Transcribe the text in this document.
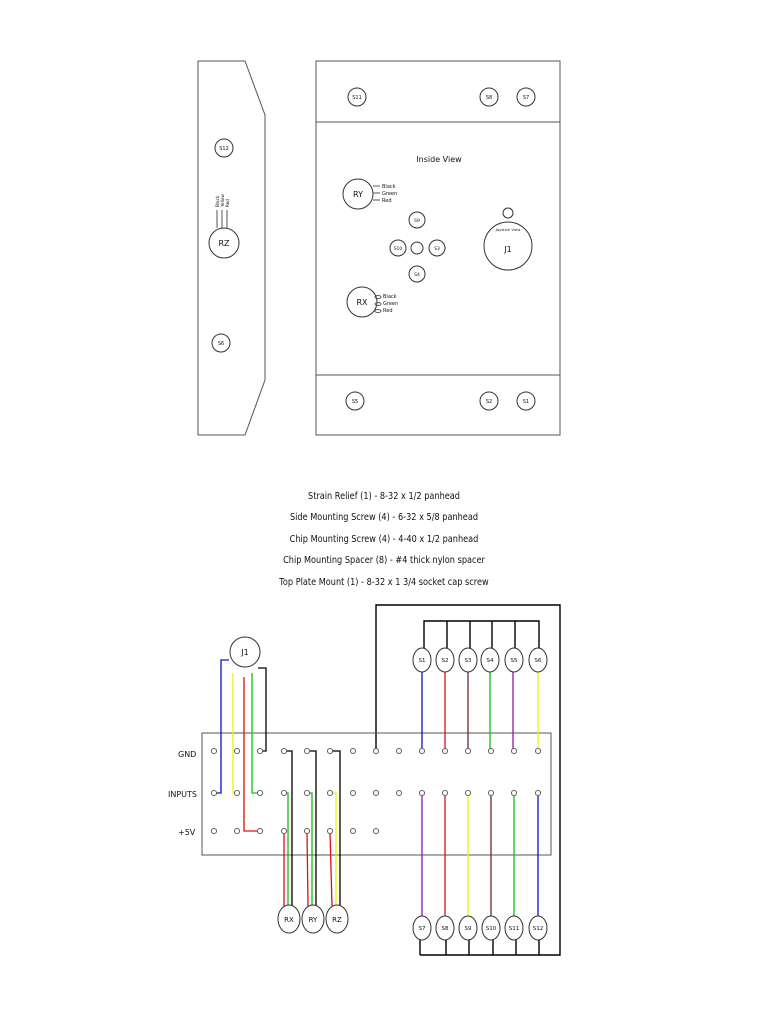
S12
Black Yellow Red
RZ
S6
S11	S8	S7
Inside View
RY
Black
Green
Red
S9
S10	S3
S4
Joystick View
J1
RX
Black
Green
Red
S5	S2	S1
GND
INPUTS
+5V
J1
S1	S2	S3	S4	S5	S6
S7	S8	S9	S10 S11 S12
RX RY RZ
Strain Relief (1) - 8-32 x 1/2 panhead
Side Mounting Screw (4) - 6-32 x 5/8 panhead
Chip Mounting Screw (4) - 4-40 x 1/2 panhead
Chip Mounting Spacer (8) - #4 thick nylon spacer
Top Plate Mount (1) - 8-32 x 1 3/4 socket cap screw
